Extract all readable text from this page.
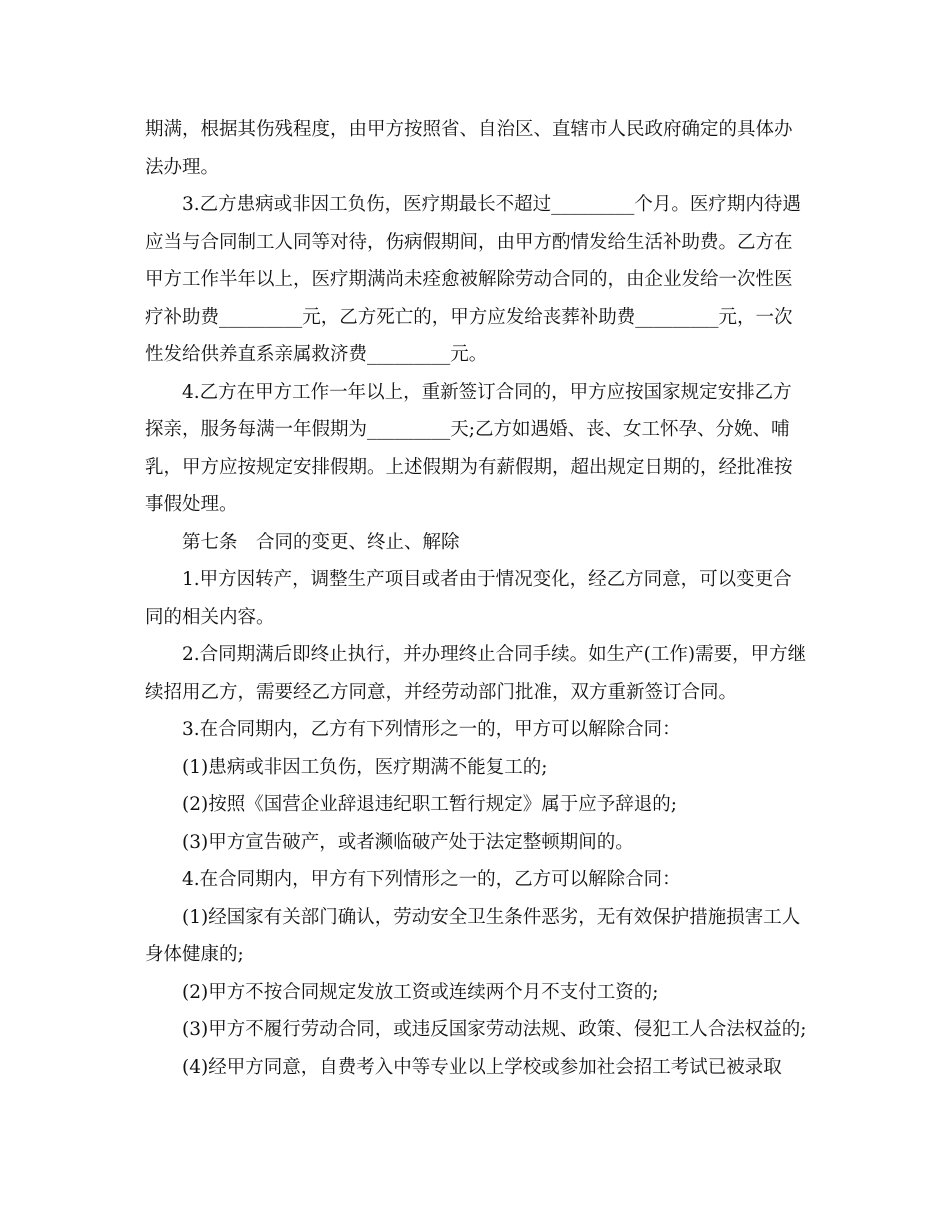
期满，根据其伤残程度，由甲方按照省、自治区、直辖市人民政府确定的具体办法办理。

3.乙方患病或非因工负伤，医疗期最长不超过_________个月。医疗期内待遇应当与合同制工人同等对待，伤病假期间，由甲方酌情发给生活补助费。乙方在甲方工作半年以上，医疗期满尚未痊愈被解除劳动合同的，由企业发给一次性医疗补助费_________元，乙方死亡的，甲方应发给丧葬补助费_________元，一次性发给供养直系亲属救济费_________元。

4.乙方在甲方工作一年以上，重新签订合同的，甲方应按国家规定安排乙方探亲，服务每满一年假期为_________天;乙方如遇婚、丧、女工怀孕、分娩、哺乳，甲方应按规定安排假期。上述假期为有薪假期，超出规定日期的，经批准按事假处理。

第七条　合同的变更、终止、解除

1.甲方因转产，调整生产项目或者由于情况变化，经乙方同意，可以变更合同的相关内容。

2.合同期满后即终止执行，并办理终止合同手续。如生产(工作)需要，甲方继续招用乙方，需要经乙方同意，并经劳动部门批准，双方重新签订合同。

3.在合同期内，乙方有下列情形之一的，甲方可以解除合同：

(1)患病或非因工负伤，医疗期满不能复工的;

(2)按照《国营企业辞退违纪职工暂行规定》属于应予辞退的;

(3)甲方宣告破产，或者濒临破产处于法定整顿期间的。

4.在合同期内，甲方有下列情形之一的，乙方可以解除合同：

(1)经国家有关部门确认，劳动安全卫生条件恶劣，无有效保护措施损害工人身体健康的;

(2)甲方不按合同规定发放工资或连续两个月不支付工资的;

(3)甲方不履行劳动合同，或违反国家劳动法规、政策、侵犯工人合法权益的;

(4)经甲方同意，自费考入中等专业以上学校或参加社会招工考试已被录取
